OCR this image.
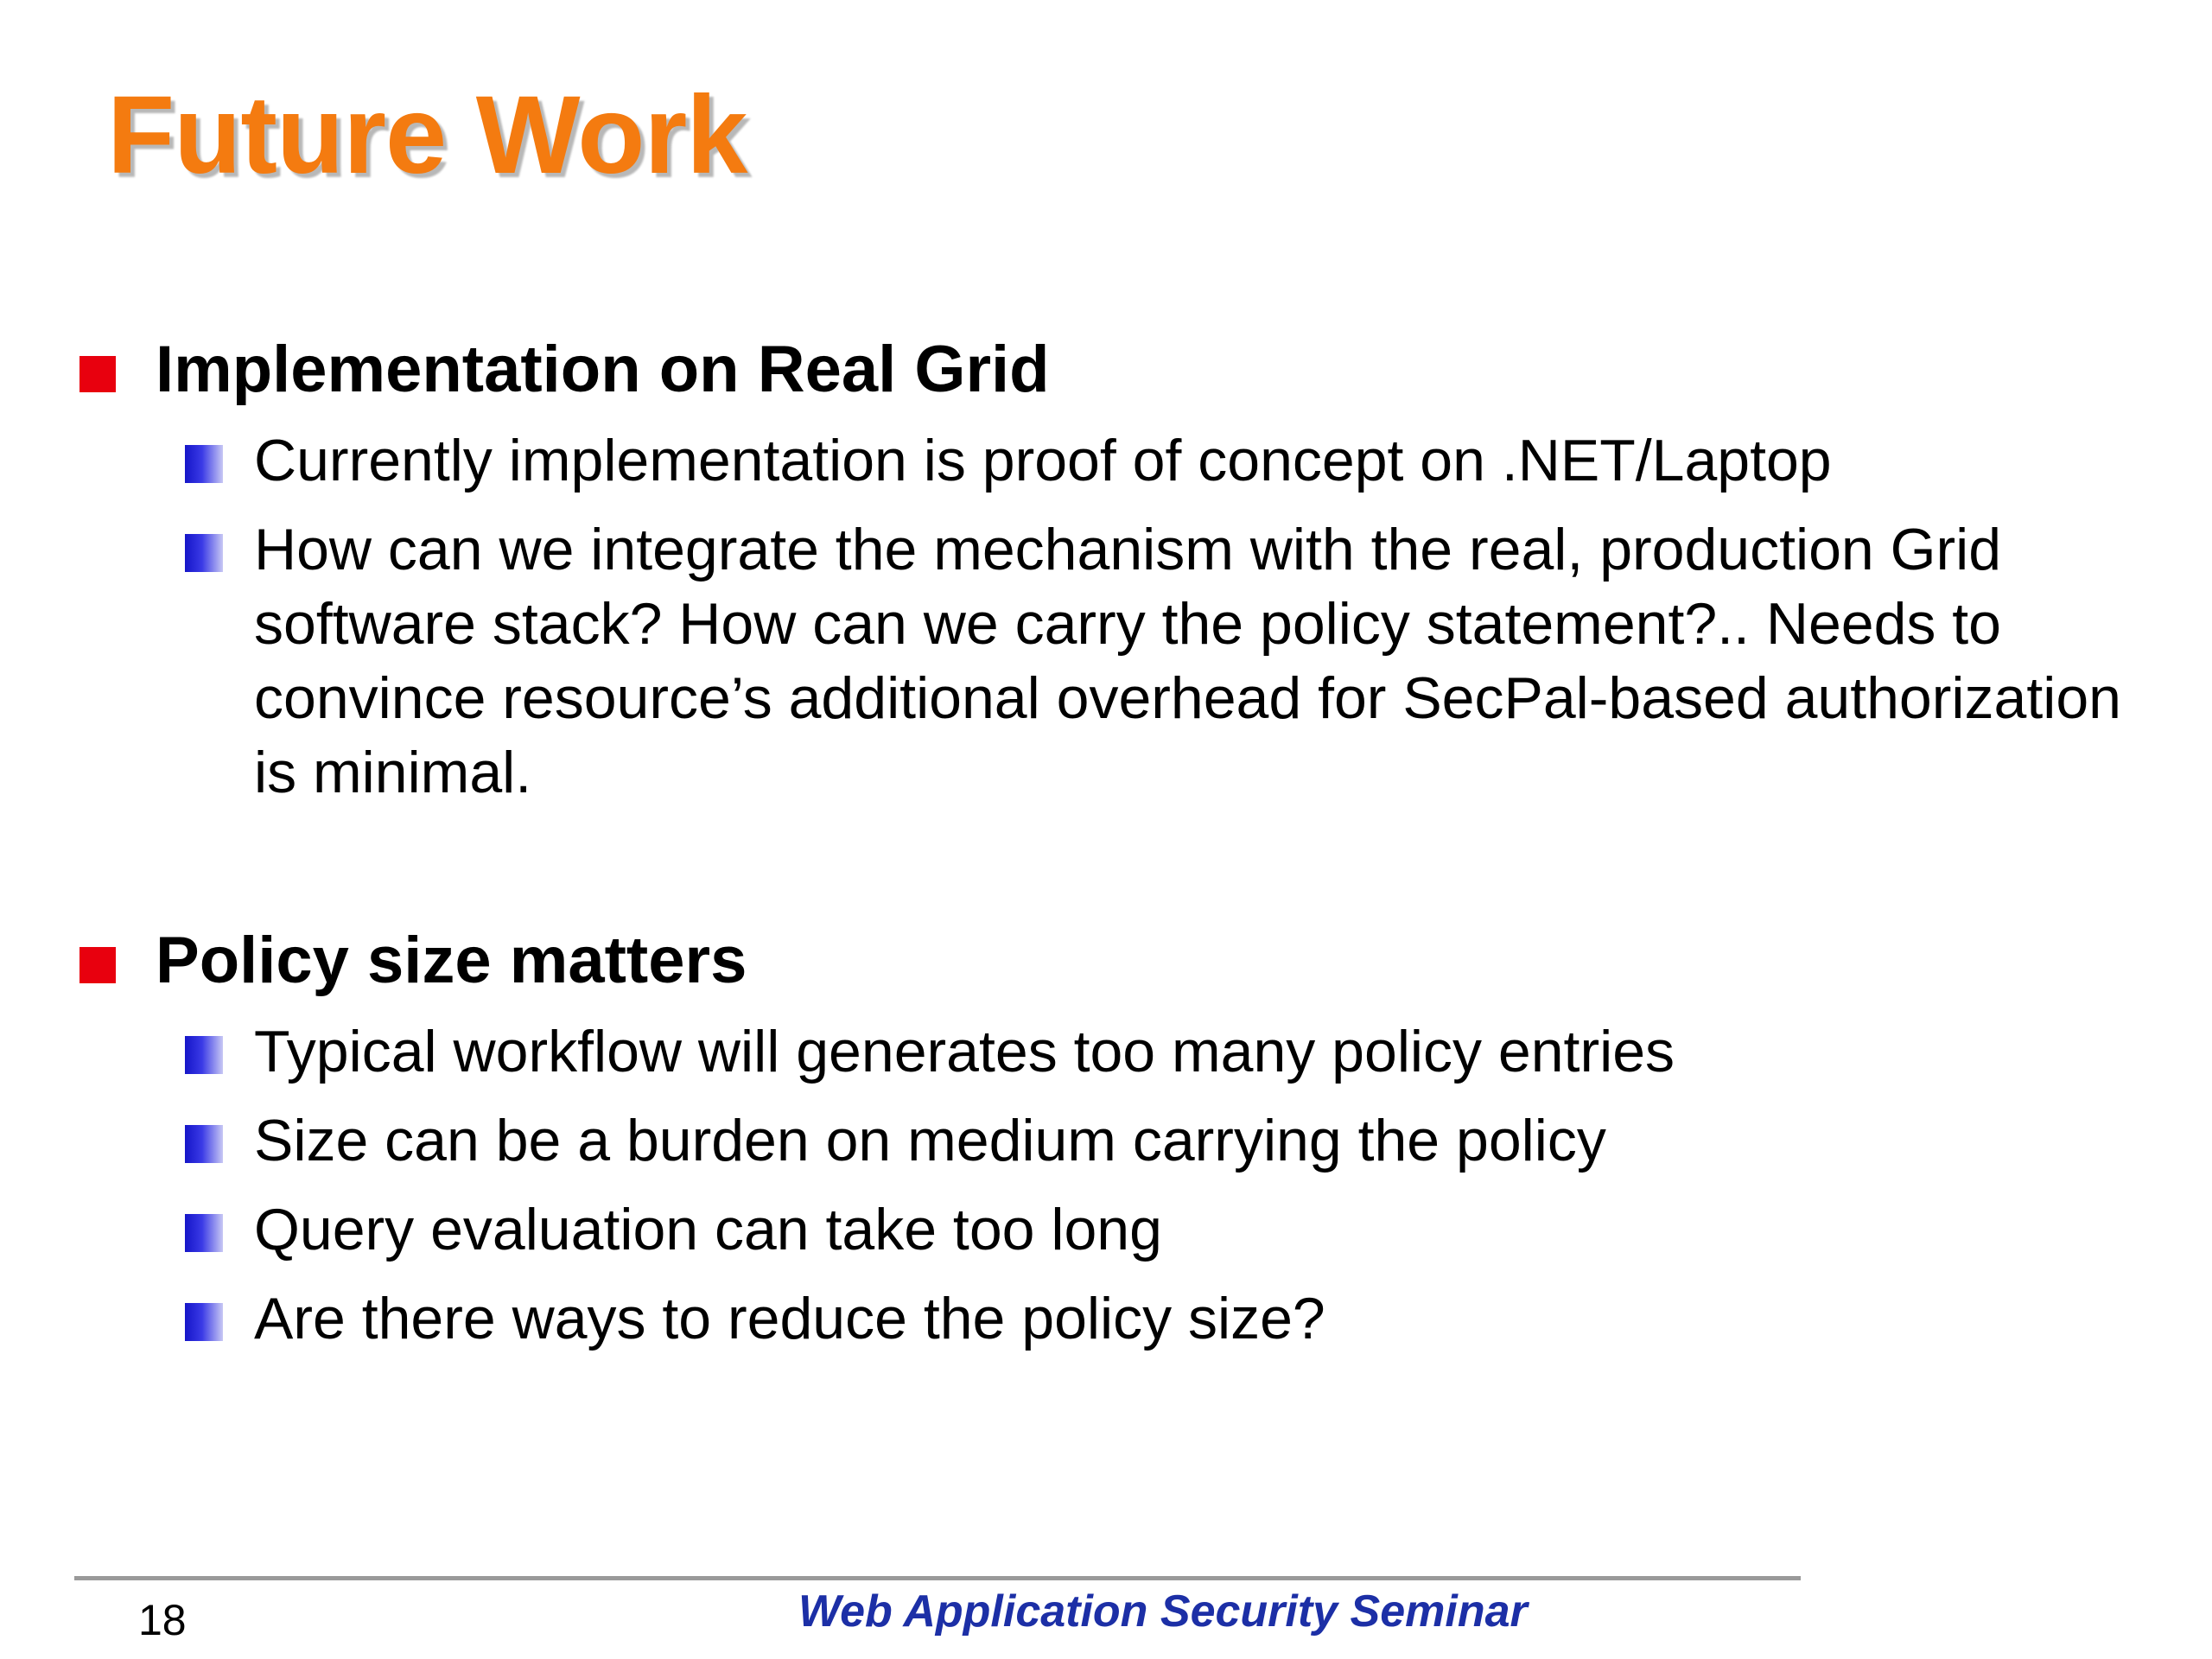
Future Work
Implementation on Real Grid
Currently implementation is proof of concept on .NET/Laptop
How can we integrate the mechanism with the real, production Grid software stack? How can we carry the policy statement?.. Needs to convince resource’s additional overhead for SecPal-based authorization is minimal.
Policy size matters
Typical workflow will generates too many policy entries
Size can be a burden on medium carrying the policy
Query evaluation can take too long
Are there ways to reduce the policy size?
18	Web Application Security Seminar
